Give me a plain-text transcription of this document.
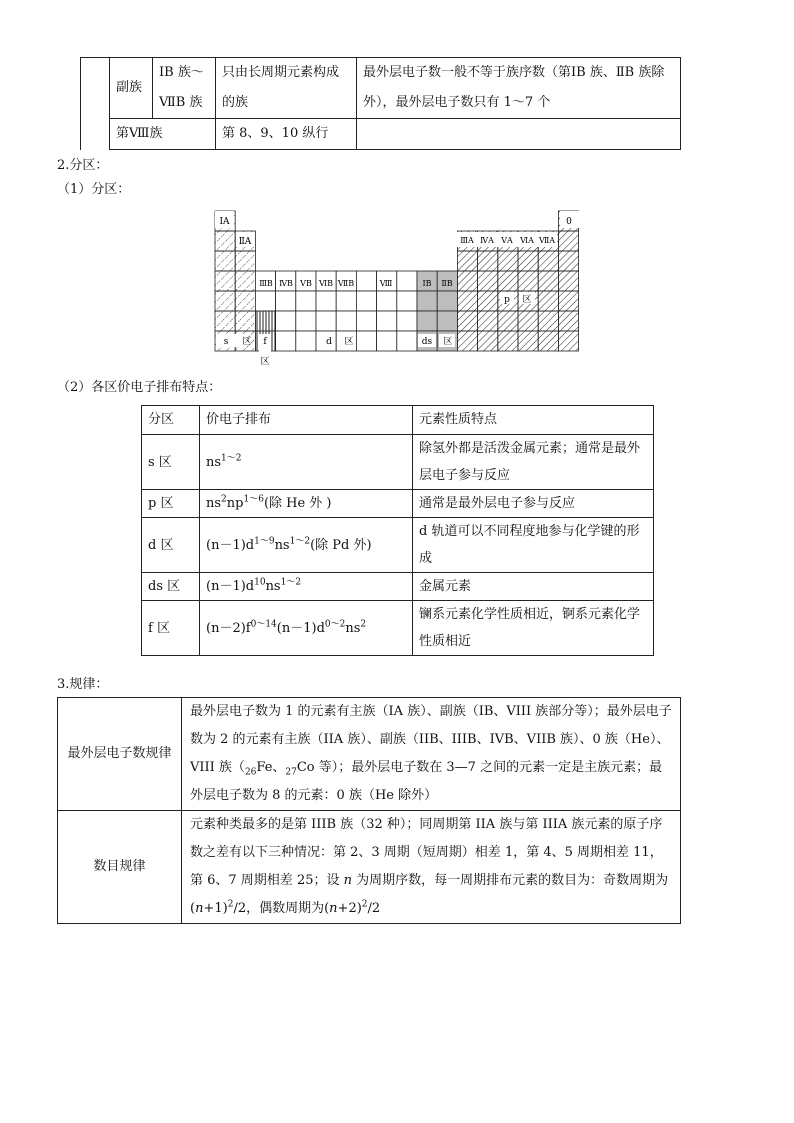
	副族	ⅠB 族～ⅦB 族	只由长周期元素构成的族	最外层电子数一般不等于族序数（第ⅠB 族、ⅡB 族除外），最外层电子数只有 1～7 个
	第Ⅷ族		第 8、9、10 纵行	
2.分区：
（1）分区：
ⅠA
ⅡA
0
ⅢB ⅣB ⅤB ⅥB ⅦB	Ⅷ	ⅠB ⅡB
ⅢA ⅣA ⅤA ⅥA ⅦA
s 区 f
区
d 区	ds 区
p 区
（2）各区价电子排布特点：
分区	价电子排布	元素性质特点
s 区	$ns^{1\sim 2}$	除氢外都是活泼金属元素；通常是最外层电子参与反应
p 区	$ns^2np^{1\sim 6}$(除 He 外 )	通常是最外层电子参与反应
d 区	$(n-1)d^{1\sim 9}ns^{1\sim 2}$(除 Pd 外)	d 轨道可以不同程度地参与化学键的形成
ds 区	$(n-1)d^{10}ns^{1\sim 2}$	金属元素
f 区	$(n-2)f^{0\sim 14}(n-1)d^{0\sim 2}ns^2$	镧系元素化学性质相近，锕系元素化学性质相近
3.规律：
最外层电子数规律	最外层电子数为 1 的元素有主族（IA 族）、副族（IB、VIII 族部分等）；最外层电子数为 2 的元素有主族（IIA 族）、副族（IIB、IIIB、IVB、VIIB 族）、0 族（He）、VIII 族（$_{26}Fe$、$_{27}$Co 等）；最外层电子数在 3—7 之间的元素一定是主族元素；最外层电子数为 8 的元素：0 族（He 除外）
数目规律	元素种类最多的是第 IIIB 族（32 种）；同周期第 IIA 族与第 IIIA 族元素的原子序数之差有以下三种情况：第 2、3 周期（短周期）相差 1，第 4、5 周期相差 11，第 6、7 周期相差 25；设 n 为周期序数，每一周期排布元素的数目为：奇数周期为 $(n+1)^2/2$，偶数周期为$(n+2)^2/2$
